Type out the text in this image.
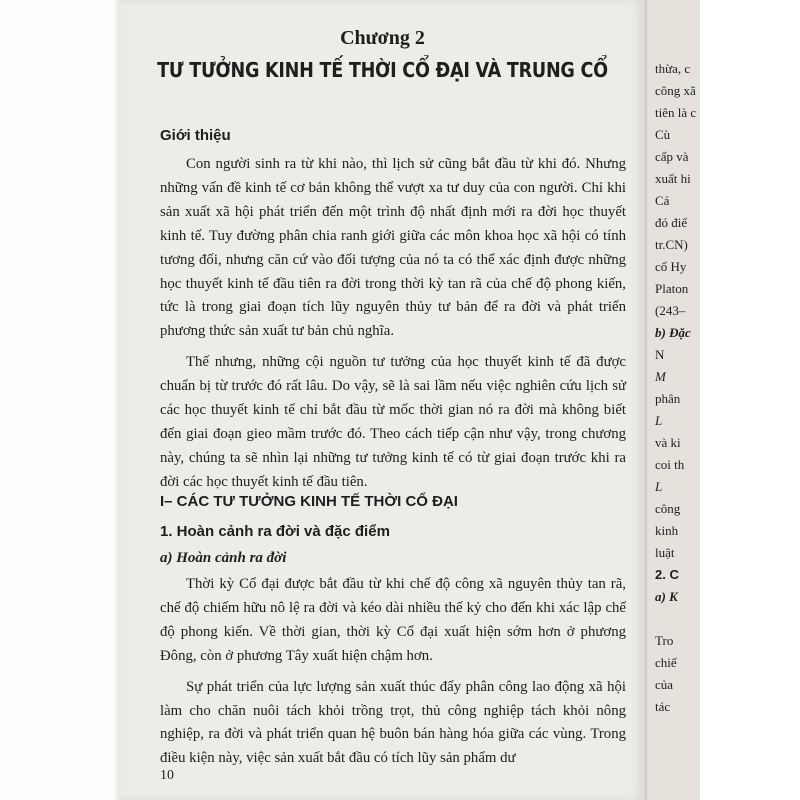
Chương 2
TƯ TƯỞNG KINH TẾ THỜI CỔ ĐẠI VÀ TRUNG CỔ
Giới thiệu

Con người sinh ra từ khi nào, thì lịch sử cũng bắt đầu từ khi đó. Nhưng những vấn đề kinh tế cơ bản không thể vượt xa tư duy của con người. Chỉ khi sản xuất xã hội phát triển đến một trình độ nhất định mới ra đời học thuyết kinh tế. Tuy đường phân chia ranh giới giữa các môn khoa học xã hội có tính tương đối, nhưng căn cứ vào đối tượng của nó ta có thể xác định được những học thuyết kinh tế đầu tiên ra đời trong thời kỳ tan rã của chế độ phong kiến, tức là trong giai đoạn tích lũy nguyên thủy tư bản để ra đời và phát triển phương thức sản xuất tư bản chủ nghĩa.

Thế nhưng, những cội nguồn tư tưởng của học thuyết kinh tế đã được chuẩn bị từ trước đó rất lâu. Do vậy, sẽ là sai lầm nếu việc nghiên cứu lịch sử các học thuyết kinh tế chỉ bắt đầu từ mốc thời gian nó ra đời mà không biết đến giai đoạn gieo mầm trước đó. Theo cách tiếp cận như vậy, trong chương này, chúng ta sẽ nhìn lại những tư tưởng kinh tế có từ giai đoạn trước khi ra đời các học thuyết kinh tế đầu tiên.

I– CÁC TƯ TƯỞNG KINH TẾ THỜI CỔ ĐẠI
1. Hoàn cảnh ra đời và đặc điểm
a) Hoàn cảnh ra đời

Thời kỳ Cổ đại được bắt đầu từ khi chế độ công xã nguyên thủy tan rã, chế độ chiếm hữu nô lệ ra đời và kéo dài nhiều thế kỷ cho đến khi xác lập chế độ phong kiến. Về thời gian, thời kỳ Cổ đại xuất hiện sớm hơn ở phương Đông, còn ở phương Tây xuất hiện chậm hơn.

Sự phát triển của lực lượng sản xuất thúc đẩy phân công lao động xã hội làm cho chăn nuôi tách khỏi trồng trọt, thủ công nghiệp tách khỏi nông nghiệp, ra đời và phát triển quan hệ buôn bán hàng hóa giữa các vùng. Trong điều kiện này, việc sản xuất bắt đầu có tích lũy sản phẩm dư

10
thừa, c
công xã
tiên là c
Cù
cấp và
xuất hi
Cá
đó điể
tr.CN)
cổ Hy
Platon
(243–
b) Đặc
N
M
phân
L
và ki
coi th
L
công
kinh
luật
2. C
a) K
Tro
chiế
của
tác
